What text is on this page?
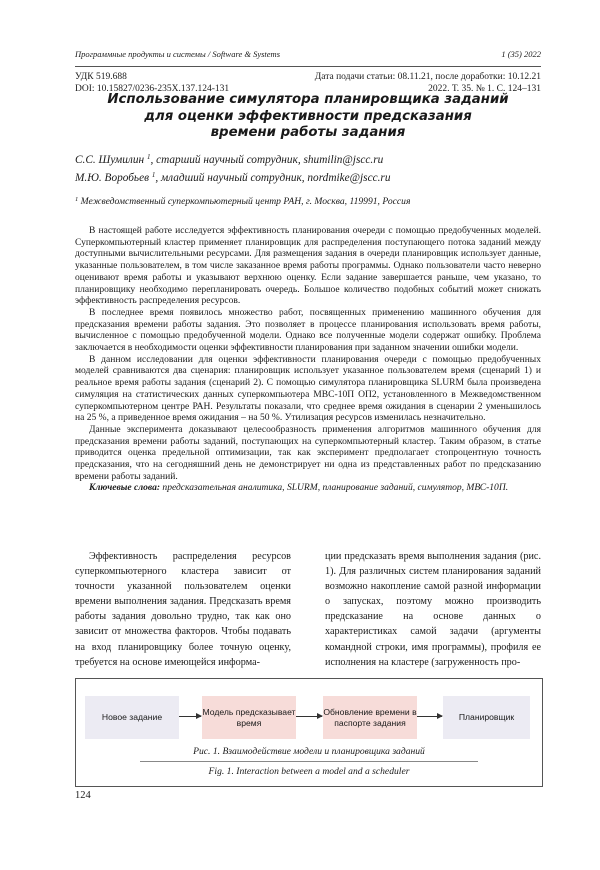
Программные продукты и системы / Software & Systems	1 (35) 2022
УДК 519.688
DOI: 10.15827/0236-235X.137.124-131
Дата подачи статьи: 08.11.21, после доработки: 10.12.21
2022. Т. 35. № 1. С. 124–131
Использование симулятора планировщика заданий
для оценки эффективности предсказания
времени работы задания
С.С. Шумилин $^1$, старший научный сотрудник, shumilin@jscc.ru
М.Ю. Воробьев $^1$, младший научный сотрудник, nordmike@jscc.ru
$^1$ Межведомственный суперкомпьютерный центр РАН, г. Москва, 119991, Россия

В настоящей работе исследуется эффективность планирования очереди с помощью предобученных моделей. Суперкомпьютерный кластер применяет планировщик для распределения поступающего потока заданий между доступными вычислительными ресурсами. Для размещения задания в очереди планировщик использует данные, указанные пользователем, в том числе заказанное время работы программы. Однако пользователи часто неверно оценивают время работы и указывают верхнюю оценку. Если задание завершается раньше, чем указано, то планировщику необходимо перепланировать очередь. Большое количество подобных событий может снижать эффективность распределения ресурсов.

В последнее время появилось множество работ, посвященных применению машинного обучения для предсказания времени работы задания. Это позволяет в процессе планирования использовать время работы, вычисленное с помощью предобученной модели. Однако все полученные модели содержат ошибку. Проблема заключается в необходимости оценки эффективности планирования при заданном значении ошибки модели.

В данном исследовании для оценки эффективности планирования очереди с помощью предобученных моделей сравниваются два сценария: планировщик использует указанное пользователем время (сценарий 1) и реальное время работы задания (сценарий 2). С помощью симулятора планировщика SLURM была произведена симуляция на статистических данных суперкомпьютера МВС-10П ОП2, установленного в Межведомственном суперкомпьютерном центре РАН. Результаты показали, что среднее время ожидания в сценарии 2 уменьшилось на 25 %, а приведенное время ожидания – на 50 %. Утилизация ресурсов изменилась незначительно.

Данные эксперимента доказывают целесообразность применения алгоритмов машинного обучения для предсказания времени работы заданий, поступающих на суперкомпьютерный кластер. Таким образом, в статье приводится оценка предельной оптимизации, так как эксперимент предполагает стопроцентную точность предсказания, что на сегодняшний день не демонстрирует ни одна из представленных работ по предсказанию времени работы заданий.

Ключевые слова: предсказательная аналитика, SLURM, планирование заданий, симулятор, МВС-10П.

Эффективность распределения ресурсов суперкомпьютерного кластера зависит от точности указанной пользователем оценки времени выполнения задания. Предсказать время работы задания довольно трудно, так как оно зависит от множества факторов. Чтобы подавать на вход планировщику более точную оценку, требуется на основе имеющейся информа-

ции предсказать время выполнения задания (рис. 1). Для различных систем планирования заданий возможно накопление самой разной информации о запусках, поэтому можно производить предсказание на основе данных о характеристиках самой задачи (аргументы командной строки, имя программы), профиля ее исполнения на кластере (загруженность про-

Новое задание
Модель предсказывает время
Обновление времени в паспорте задания
Планировщик
Рис. 1. Взаимодействие модели и планировщика заданий
Fig. 1. Interaction between a model and a scheduler
124
